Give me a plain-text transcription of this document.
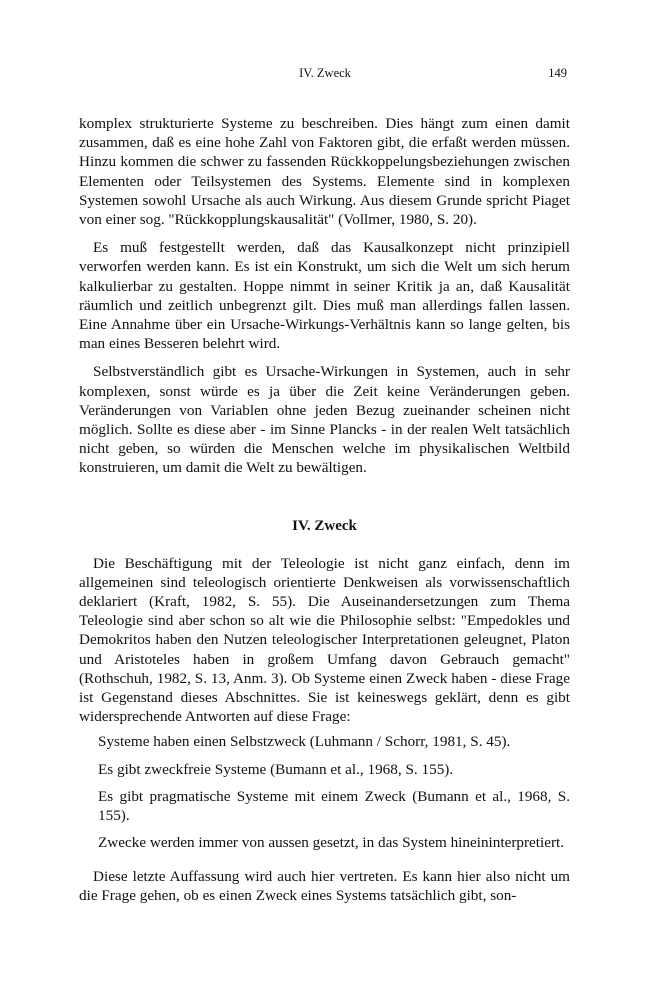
IV. Zweck	149

komplex strukturierte Systeme zu beschreiben. Dies hängt zum einen damit zusammen, daß es eine hohe Zahl von Faktoren gibt, die erfaßt werden müssen. Hinzu kommen die schwer zu fassenden Rückkoppelungsbeziehungen zwischen Elementen oder Teilsystemen des Systems. Elemente sind in komplexen Systemen sowohl Ursache als auch Wirkung. Aus diesem Grunde spricht Piaget von einer sog. "Rückkopplungskausalität" (Vollmer, 1980, S. 20).

Es muß festgestellt werden, daß das Kausalkonzept nicht prinzipiell verworfen werden kann. Es ist ein Konstrukt, um sich die Welt um sich herum kalkulierbar zu gestalten. Hoppe nimmt in seiner Kritik ja an, daß Kausalität räumlich und zeitlich unbegrenzt gilt. Dies muß man allerdings fallen lassen. Eine Annahme über ein Ursache-Wirkungs-Verhältnis kann so lange gelten, bis man eines Besseren belehrt wird.

Selbstverständlich gibt es Ursache-Wirkungen in Systemen, auch in sehr komplexen, sonst würde es ja über die Zeit keine Veränderungen geben. Veränderungen von Variablen ohne jeden Bezug zueinander scheinen nicht möglich. Sollte es diese aber - im Sinne Plancks - in der realen Welt tatsächlich nicht geben, so würden die Menschen welche im physikalischen Weltbild konstruieren, um damit die Welt zu bewältigen.

IV. Zweck

Die Beschäftigung mit der Teleologie ist nicht ganz einfach, denn im allgemeinen sind teleologisch orientierte Denkweisen als vorwissenschaftlich deklariert (Kraft, 1982, S. 55). Die Auseinandersetzungen zum Thema Teleologie sind aber schon so alt wie die Philosophie selbst: "Empedokles und Demokritos haben den Nutzen teleologischer Interpretationen geleugnet, Platon und Aristoteles haben in großem Umfang davon Gebrauch gemacht" (Rothschuh, 1982, S. 13, Anm. 3). Ob Systeme einen Zweck haben - diese Frage ist Gegenstand dieses Abschnittes. Sie ist keineswegs geklärt, denn es gibt widersprechende Antworten auf diese Frage:

Systeme haben einen Selbstzweck (Luhmann / Schorr, 1981, S. 45).
Es gibt zweckfreie Systeme (Bumann et al., 1968, S. 155).
Es gibt pragmatische Systeme mit einem Zweck (Bumann et al., 1968, S. 155).
Zwecke werden immer von aussen gesetzt, in das System hineininterpretiert.

Diese letzte Auffassung wird auch hier vertreten. Es kann hier also nicht um die Frage gehen, ob es einen Zweck eines Systems tatsächlich gibt, son-
